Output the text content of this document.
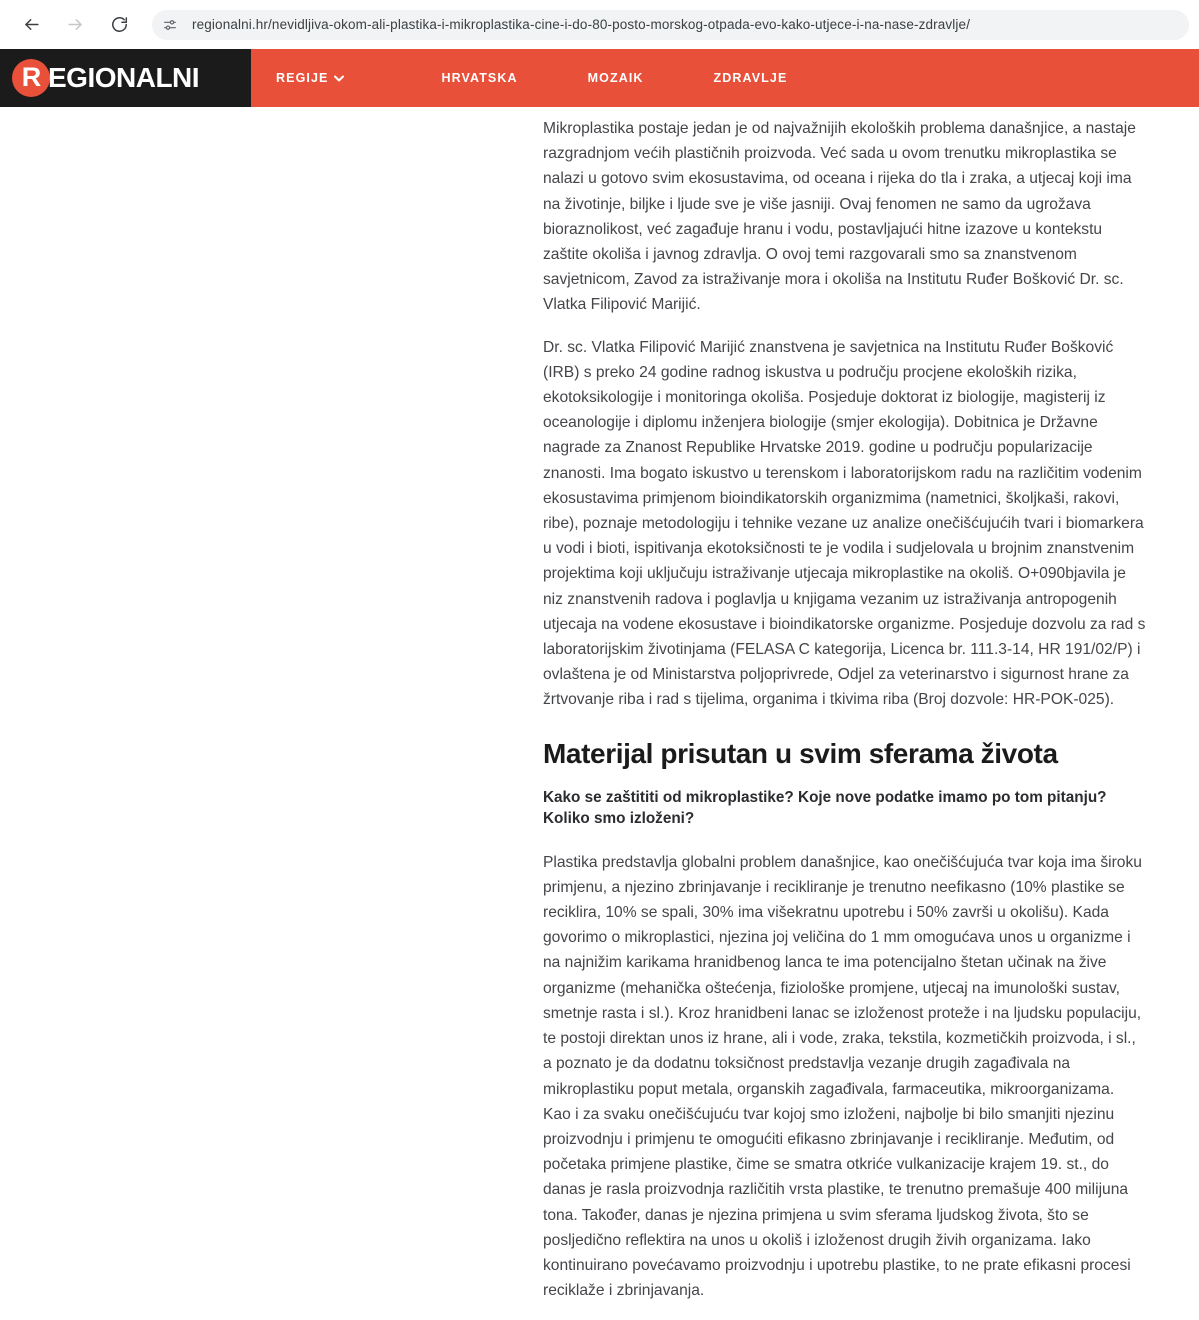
regionalni.hr/nevidljiva-okom-ali-plastika-i-mikroplastika-cine-i-do-80-posto-morskog-otpada-evo-kako-utjece-i-na-nase-zdravlje/
R EGIONALNI	REGIJE	HRVATSKA	MOZAIK	ZDRAVLJE

Mikroplastika postaje jedan je od najvažnijih ekoloških problema današnjice, a nastaje razgradnjom većih plastičnih proizvoda. Već sada u ovom trenutku mikroplastika se nalazi u gotovo svim ekosustavima, od oceana i rijeka do tla i zraka, a utjecaj koji ima na životinje, biljke i ljude sve je više jasniji. Ovaj fenomen ne samo da ugrožava bioraznolikost, već zagađuje hranu i vodu, postavljajući hitne izazove u kontekstu zaštite okoliša i javnog zdravlja. O ovoj temi razgovarali smo sa znanstvenom savjetnicom, Zavod za istraživanje mora i okoliša na Institutu Ruđer Bošković Dr. sc. Vlatka Filipović Marijić.

Dr. sc. Vlatka Filipović Marijić znanstvena je savjetnica na Institutu Ruđer Bošković (IRB) s preko 24 godine radnog iskustva u području procjene ekoloških rizika, ekotoksikologije i monitoringa okoliša. Posjeduje doktorat iz biologije, magisterij iz oceanologije i diplomu inženjera biologije (smjer ekologija). Dobitnica je Državne nagrade za Znanost Republike Hrvatske 2019. godine u području popularizacije znanosti. Ima bogato iskustvo u terenskom i laboratorijskom radu na različitim vodenim ekosustavima primjenom bioindikatorskih organizmima (nametnici, školjkaši, rakovi, ribe), poznaje metodologiju i tehnike vezane uz analize onečišćujućih tvari i biomarkera u vodi i bioti, ispitivanja ekotoksičnosti te je vodila i sudjelovala u brojnim znanstvenim projektima koji uključuju istraživanje utjecaja mikroplastike na okoliš. O+090bjavila je niz znanstvenih radova i poglavlja u knjigama vezanim uz istraživanja antropogenih utjecaja na vodene ekosustave i bioindikatorske organizme. Posjeduje dozvolu za rad s laboratorijskim životinjama (FELASA C kategorija, Licenca br. 111.3-14, HR 191/02/P) i ovlaštena je od Ministarstva poljoprivrede, Odjel za veterinarstvo i sigurnost hrane za žrtvovanje riba i rad s tijelima, organima i tkivima riba (Broj dozvole: HR-POK-025).

Materijal prisutan u svim sferama života

Kako se zaštititi od mikroplastike? Koje nove podatke imamo po tom pitanju? Koliko smo izloženi?

Plastika predstavlja globalni problem današnjice, kao onečišćujuća tvar koja ima široku primjenu, a njezino zbrinjavanje i recikliranje je trenutno neefikasno (10% plastike se reciklira, 10% se spali, 30% ima višekratnu upotrebu i 50% završi u okolišu). Kada govorimo o mikroplastici, njezina joj veličina do 1 mm omogućava unos u organizme i na najnižim karikama hranidbenog lanca te ima potencijalno štetan učinak na žive organizme (mehanička oštećenja, fiziološke promjene, utjecaj na imunološki sustav, smetnje rasta i sl.). Kroz hranidbeni lanac se izloženost proteže i na ljudsku populaciju, te postoji direktan unos iz hrane, ali i vode, zraka, tekstila, kozmetičkih proizvoda, i sl., a poznato je da dodatnu toksičnost predstavlja vezanje drugih zagađivala na mikroplastiku poput metala, organskih zagađivala, farmaceutika, mikroorganizama. Kao i za svaku onečišćujuću tvar kojoj smo izloženi, najbolje bi bilo smanjiti njezinu proizvodnju i primjenu te omogućiti efikasno zbrinjavanje i recikliranje. Međutim, od početaka primjene plastike, čime se smatra otkriće vulkanizacije krajem 19. st., do danas je rasla proizvodnja različitih vrsta plastike, te trenutno premašuje 400 milijuna tona. Također, danas je njezina primjena u svim sferama ljudskog života, što se posljedično reflektira na unos u okoliš i izloženost drugih živih organizama. Iako kontinuirano povećavamo proizvodnju i upotrebu plastike, to ne prate efikasni procesi reciklaže i zbrinjavanja.
